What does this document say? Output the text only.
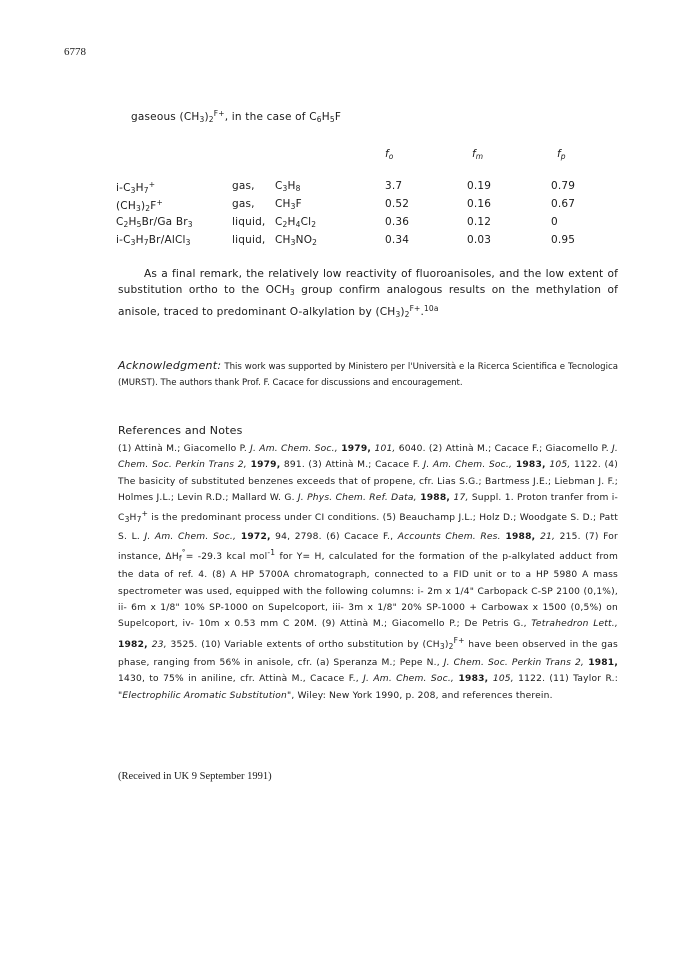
6778
gaseous $(CH_3)_2^{F+}$, in the case of $C_6H_5F$
$f_o$	$f_m$	$f_p$
$i-C_3H_7^+$	gas, $C_3H_8$	3.7	0.19	0.79
$(CH_3)_2F^+$	gas, $CH_3F$	0.52	0.16	0.67
$C_2H_5Br/Ga$ $Br_3$	liquid, $C_2H_4Cl_2$	0.36	0.12	0
$i-C_3H_7Br/AlCl_3$	liquid, $CH_3NO_2$	0.34	0.03	0.95
As a final remark, the relatively low reactivity of fluoroanisoles, and the low extent of substitution ortho to the $OCH_3$ group confirm analogous results on the methylation of anisole, traced to predominant O-alkylation by $(CH_3)_2^{F+}.^{10a}$
Acknowledgment: This work was supported by Ministero per l'Università e la Ricerca Scientifica e Tecnologica (MURST). The authors thank Prof. F. Cacace for discussions and encouragement.
References and Notes
(1) Attinà M.; Giacomello P. J. Am. Chem. Soc., 1979, 101, 6040. (2) Attinà M.; Cacace F.; Giacomello P. J. Chem. Soc. Perkin Trans 2, 1979, 891. (3) Attinà M.; Cacace F. J. Am. Chem. Soc., 1983, 105, 1122. (4) The basicity of substituted benzenes exceeds that of propene, cfr. Lias S.G.; Bartmess J.E.; Liebman J. F.; Holmes J.L.; Levin R.D.; Mallard W. G. J. Phys. Chem. Ref. Data, 1988, 17, Suppl. 1. Proton tranfer from $i-C_3H_7^+$ is the predominant process under CI conditions. (5) Beauchamp J.L.; Holz D.; Woodgate S. D.; Patt S. L. J. Am. Chem. Soc., 1972, 94, 2798. (6) Cacace F., Accounts Chem. Res. 1988, 21, 215. (7) For instance, $\Delta H_f^\circ= -29.3$ kcal mol$^{-1}$ for Y= H, calculated for the formation of the p-alkylated adduct from the data of ref. 4. (8) A HP 5700A chromatograph, connected to a FID unit or to a HP 5980 A mass spectrometer was used, equipped with the following columns: i- 2m x 1/4" Carbopack C-SP 2100 (0,1%), ii- 6m x 1/8" 10% SP-1000 on Supelcoport, iii- 3m x 1/8" 20% SP-1000 + Carbowax x 1500 (0,5%) on Supelcoport, iv- 10m x 0.53 mm C 20M. (9) Attinà M.; Giacomello P.; De Petris G., Tetrahedron Lett., 1982, 23, 3525. (10) Variable extents of ortho substitution by $(CH_3)_2^{F+}$ have been observed in the gas phase, ranging from 56% in anisole, cfr. (a) Speranza M.; Pepe N., J. Chem. Soc. Perkin Trans 2, 1981, 1430, to 75% in aniline, cfr. Attinà M., Cacace F., J. Am. Chem. Soc., 1983, 105, 1122. (11) Taylor R.: "Electrophilic Aromatic Substitution", Wiley: New York 1990, p. 208, and references therein.
(Received in UK 9 September 1991)
